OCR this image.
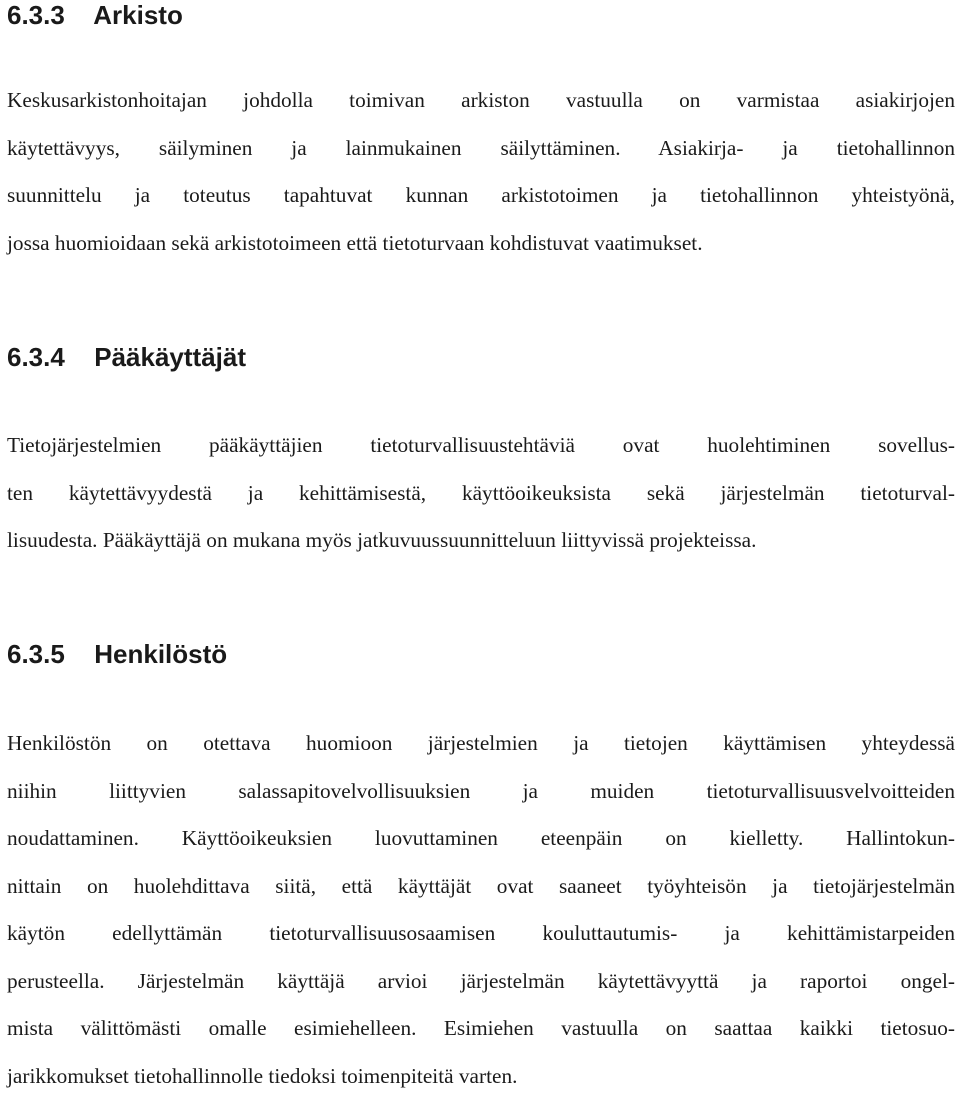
6.3.3 Arkisto
Keskusarkistonhoitajan johdolla toimivan arkiston vastuulla on varmistaa asiakirjojen
käytettävyys, säilyminen ja lainmukainen säilyttäminen. Asiakirja- ja tietohallinnon
suunnittelu ja toteutus tapahtuvat kunnan arkistotoimen ja tietohallinnon yhteistyönä,
jossa huomioidaan sekä arkistotoimeen että tietoturvaan kohdistuvat vaatimukset.
6.3.4 Pääkäyttäjät
Tietojärjestelmien pääkäyttäjien tietoturvallisuustehtäviä ovat huolehtiminen sovellus-
ten käytettävyydestä ja kehittämisestä, käyttöoikeuksista sekä järjestelmän tietoturval-
lisuudesta. Pääkäyttäjä on mukana myös jatkuvuussuunnitteluun liittyvissä projekteissa.
6.3.5 Henkilöstö
Henkilöstön on otettava huomioon järjestelmien ja tietojen käyttämisen yhteydessä
niihin liittyvien salassapitovelvollisuuksien ja muiden tietoturvallisuusvelvoitteiden
noudattaminen. Käyttöoikeuksien luovuttaminen eteenpäin on kielletty. Hallintokun-
nittain on huolehdittava siitä, että käyttäjät ovat saaneet työyhteisön ja tietojärjestelmän
käytön edellyttämän tietoturvallisuusosaamisen kouluttautumis- ja kehittämistarpeiden
perusteella. Järjestelmän käyttäjä arvioi järjestelmän käytettävyyttä ja raportoi ongel-
mista välittömästi omalle esimiehelleen. Esimiehen vastuulla on saattaa kaikki tietosuo-
jarikkomukset tietohallinnolle tiedoksi toimenpiteitä varten.
